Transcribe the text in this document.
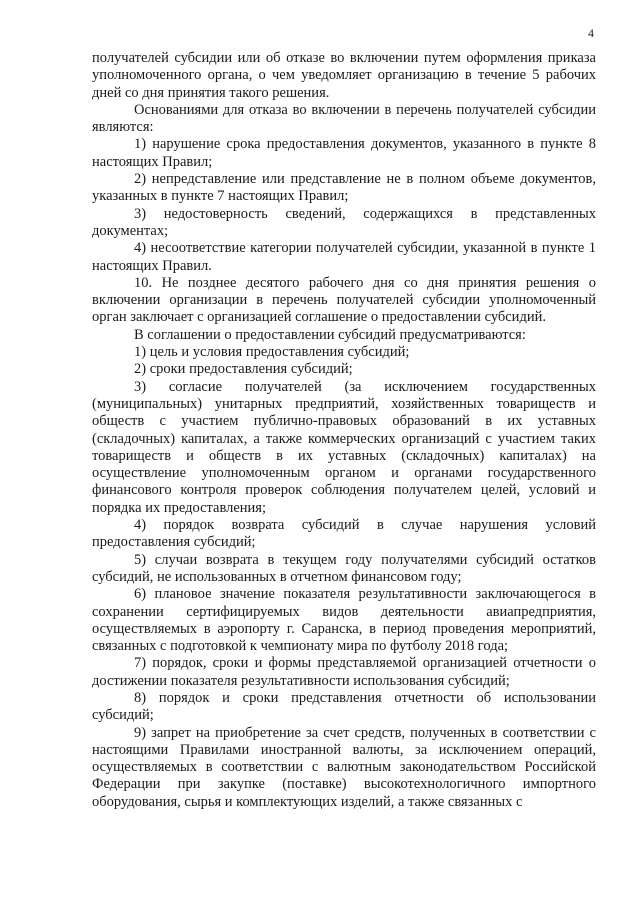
4

получателей субсидии или об отказе во включении путем оформления приказа уполномоченного органа, о чем уведомляет организацию в течение 5 рабочих дней со дня принятия такого решения.

Основаниями для отказа во включении в перечень получателей субсидии являются:

1) нарушение срока предоставления документов, указанного в пункте 8 настоящих Правил;

2) непредставление или представление не в полном объеме документов, указанных в пункте 7 настоящих Правил;

3) недостоверность сведений, содержащихся в представленных документах;

4) несоответствие категории получателей субсидии, указанной в пункте 1 настоящих Правил.

10. Не позднее десятого рабочего дня со дня принятия решения о включении организации в перечень получателей субсидии уполномоченный орган заключает с организацией соглашение о предоставлении субсидий.

В соглашении о предоставлении субсидий предусматриваются:

1) цель и условия предоставления субсидий;

2) сроки предоставления субсидий;

3) согласие получателей (за исключением государственных (муниципальных) унитарных предприятий, хозяйственных товариществ и обществ с участием публично-правовых образований в их уставных (складочных) капиталах, а также коммерческих организаций с участием таких товариществ и обществ в их уставных (складочных) капиталах) на осуществление уполномоченным органом и органами государственного финансового контроля проверок соблюдения получателем целей, условий и порядка их предоставления;

4) порядок возврата субсидий в случае нарушения условий предоставления субсидий;

5) случаи возврата в текущем году получателями субсидий остатков субсидий, не использованных в отчетном финансовом году;

6) плановое значение показателя результативности заключающегося в сохранении сертифицируемых видов деятельности авиапредприятия, осуществляемых в аэропорту г. Саранска, в период проведения мероприятий, связанных с подготовкой к чемпионату мира по футболу 2018 года;

7) порядок, сроки и формы представляемой организацией отчетности о достижении показателя результативности использования субсидий;

8) порядок и сроки представления отчетности об использовании субсидий;

9) запрет на приобретение за счет средств, полученных в соответствии с настоящими Правилами иностранной валюты, за исключением операций, осуществляемых в соответствии с валютным законодательством Российской Федерации при закупке (поставке) высокотехнологичного импортного оборудования, сырья и комплектующих изделий, а также связанных с
